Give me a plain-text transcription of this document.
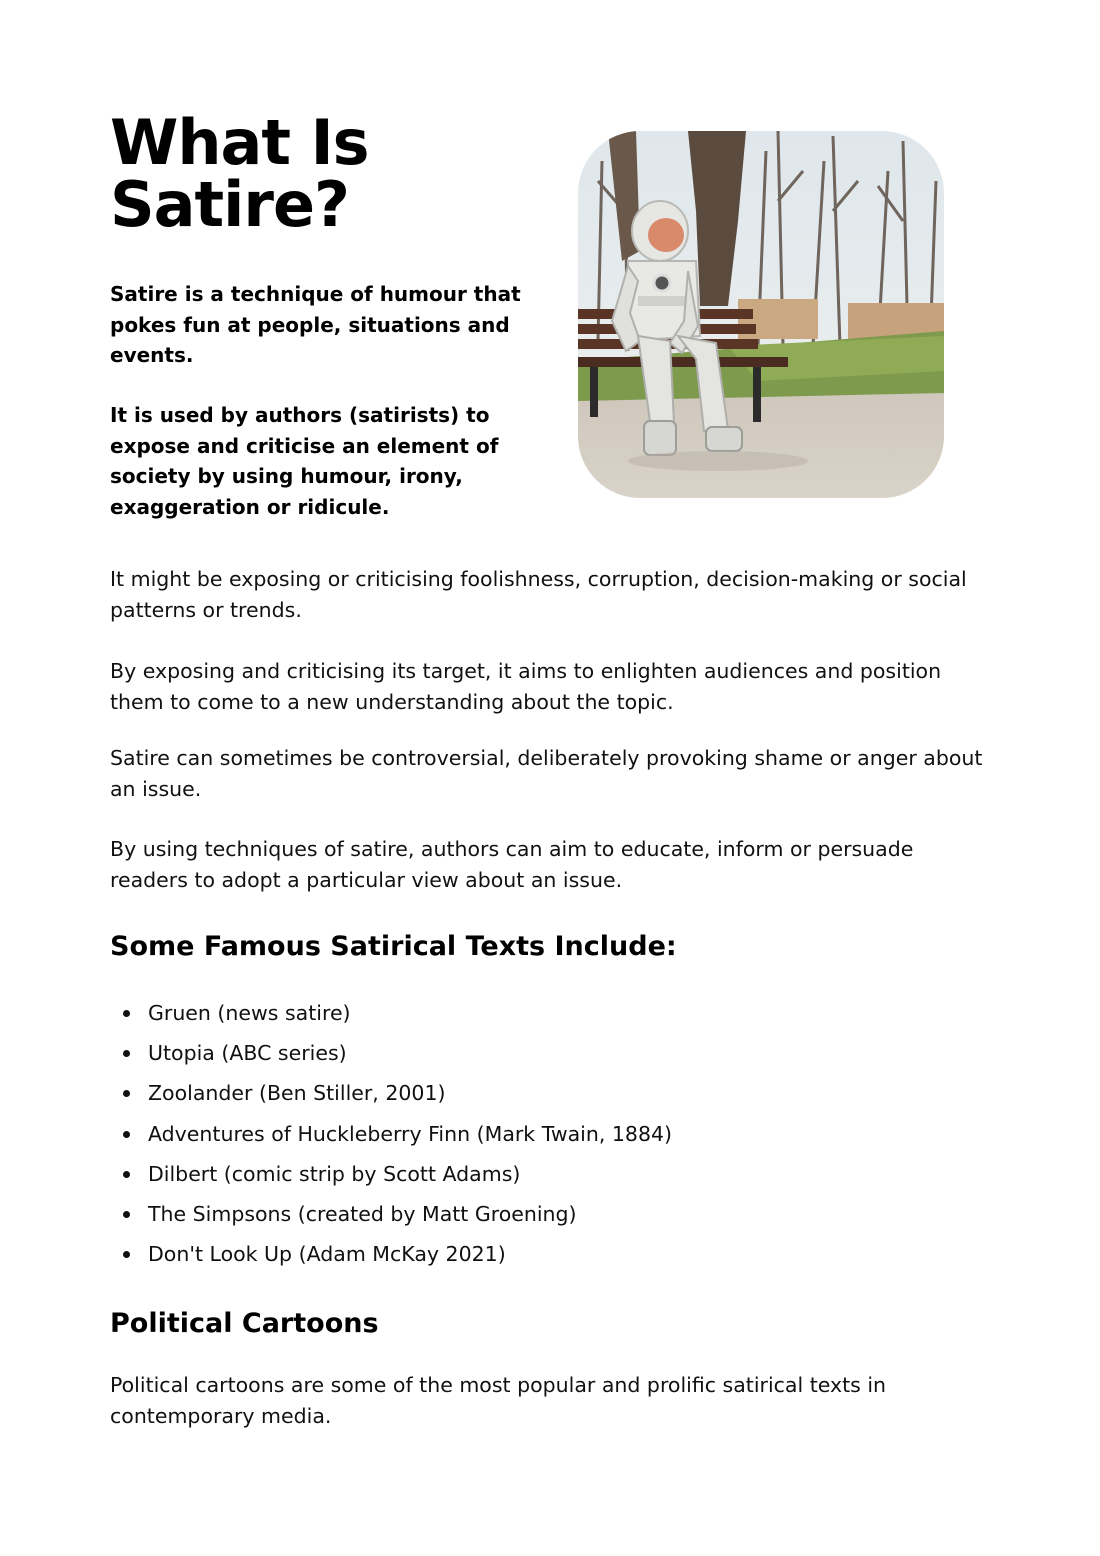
What Is Satire?

Satire is a technique of humour that pokes fun at people, situations and events.

It is used by authors (satirists) to expose and criticise an element of society by using humour, irony, exaggeration or ridicule.

It might be exposing or criticising foolishness, corruption, decision-making or social patterns or trends.

By exposing and criticising its target, it aims to enlighten audiences and position them to come to a new understanding about the topic.

Satire can sometimes be controversial, deliberately provoking shame or anger about an issue.

By using techniques of satire, authors can aim to educate, inform or persuade readers to adopt a particular view about an issue.

Some Famous Satirical Texts Include:
Gruen (news satire)
Utopia (ABC series)
Zoolander (Ben Stiller, 2001)
Adventures of Huckleberry Finn (Mark Twain, 1884)
Dilbert (comic strip by Scott Adams)
The Simpsons (created by Matt Groening)
Don't Look Up (Adam McKay 2021)
Political Cartoons

Political cartoons are some of the most popular and prolific satirical texts in contemporary media.
